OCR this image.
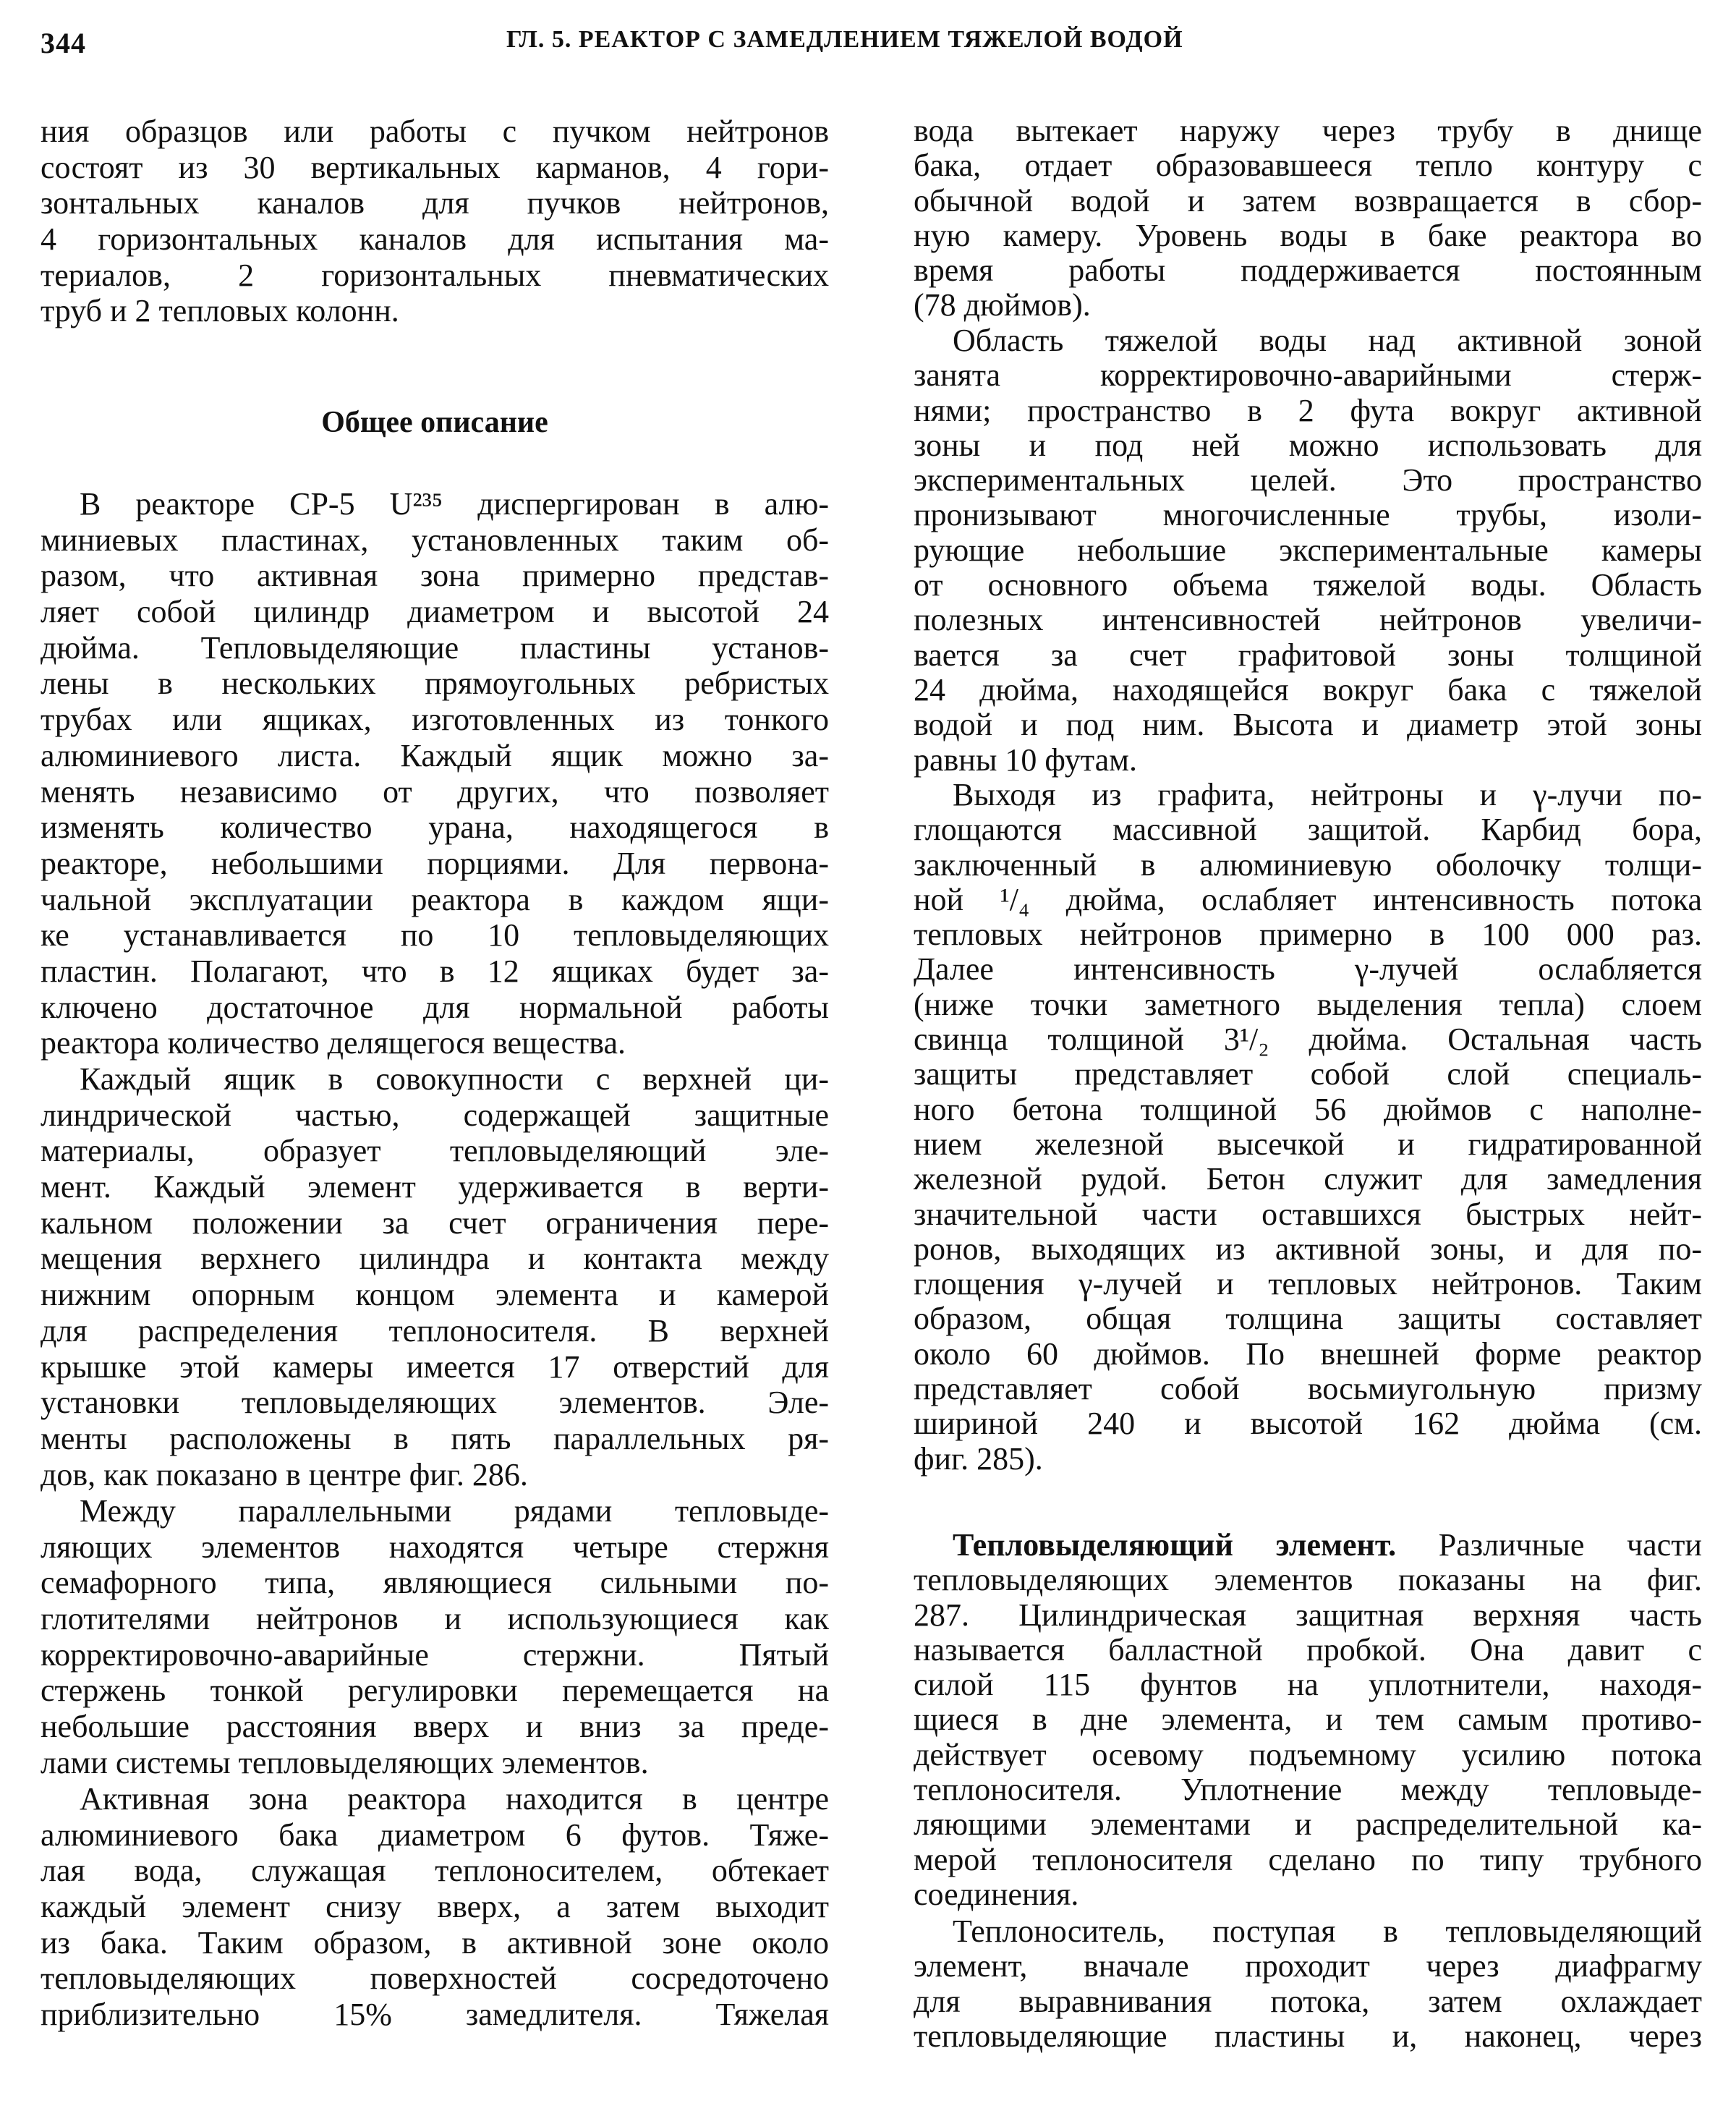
344	ГЛ. 5. РЕАКТОР С ЗАМЕДЛЕНИЕМ ТЯЖЕЛОЙ ВОДОЙ
ния образцов или работы с пучком нейтронов
состоят из 30 вертикальных карманов, 4 гори-
зонтальных каналов для пучков нейтронов,
4 горизонтальных каналов для испытания ма-
териалов, 2 горизонтальных пневматических
труб и 2 тепловых колонн.
Общее описание
В реакторе СР-5 U²³⁵ диспергирован в алю-
миниевых пластинах, установленных таким об-
разом, что активная зона примерно представ-
ляет собой цилиндр диаметром и высотой 24
дюйма. Тепловыделяющие пластины установ-
лены в нескольких прямоугольных ребристых
трубах или ящиках, изготовленных из тонкого
алюминиевого листа. Каждый ящик можно за-
менять независимо от других, что позволяет
изменять количество урана, находящегося в
реакторе, небольшими порциями. Для первона-
чальной эксплуатации реактора в каждом ящи-
ке устанавливается по 10 тепловыделяющих
пластин. Полагают, что в 12 ящиках будет за-
ключено достаточное для нормальной работы
реактора количество делящегося вещества.
Каждый ящик в совокупности с верхней ци-
линдрической частью, содержащей защитные
материалы, образует тепловыделяющий эле-
мент. Каждый элемент удерживается в верти-
кальном положении за счет ограничения пере-
мещения верхнего цилиндра и контакта между
нижним опорным концом элемента и камерой
для распределения теплоносителя. В верхней
крышке этой камеры имеется 17 отверстий для
установки тепловыделяющих элементов. Эле-
менты расположены в пять параллельных ря-
дов, как показано в центре фиг. 286.
Между параллельными рядами тепловыде-
ляющих элементов находятся четыре стержня
семафорного типа, являющиеся сильными по-
глотителями нейтронов и использующиеся как
корректировочно-аварийные стержни. Пятый
стержень тонкой регулировки перемещается на
небольшие расстояния вверх и вниз за преде-
лами системы тепловыделяющих элементов.
Активная зона реактора находится в центре
алюминиевого бака диаметром 6 футов. Тяже-
лая вода, служащая теплоносителем, обтекает
каждый элемент снизу вверх, а затем выходит
из бака. Таким образом, в активной зоне около
тепловыделяющих поверхностей сосредоточено
приблизительно 15% замедлителя. Тяжелая
вода вытекает наружу через трубу в днище
бака, отдает образовавшееся тепло контуру с
обычной водой и затем возвращается в сбор-
ную камеру. Уровень воды в баке реактора во
время работы поддерживается постоянным
(78 дюймов).
Область тяжелой воды над активной зоной
занята корректировочно-аварийными стерж-
нями; пространство в 2 фута вокруг активной
зоны и под ней можно использовать для
экспериментальных целей. Это пространство
пронизывают многочисленные трубы, изоли-
рующие небольшие экспериментальные камеры
от основного объема тяжелой воды. Область
полезных интенсивностей нейтронов увеличи-
вается за счет графитовой зоны толщиной
24 дюйма, находящейся вокруг бака с тяжелой
водой и под ним. Высота и диаметр этой зоны
равны 10 футам.
Выходя из графита, нейтроны и γ-лучи по-
глощаются массивной защитой. Карбид бора,
заключенный в алюминиевую оболочку толщи-
ной ¹/₄ дюйма, ослабляет интенсивность потока
тепловых нейтронов примерно в 100 000 раз.
Далее интенсивность γ-лучей ослабляется
(ниже точки заметного выделения тепла) слоем
свинца толщиной 3¹/₂ дюйма. Остальная часть
защиты представляет собой слой специаль-
ного бетона толщиной 56 дюймов с наполне-
нием железной высечкой и гидратированной
железной рудой. Бетон служит для замедления
значительной части оставшихся быстрых нейт-
ронов, выходящих из активной зоны, и для по-
глощения γ-лучей и тепловых нейтронов. Таким
образом, общая толщина защиты составляет
около 60 дюймов. По внешней форме реактор
представляет собой восьмиугольную призму
шириной 240 и высотой 162 дюйма (см.
фиг. 285).
Тепловыделяющий элемент. Различные части
тепловыделяющих элементов показаны на фиг.
287. Цилиндрическая защитная верхняя часть
называется балластной пробкой. Она давит с
силой 115 фунтов на уплотнители, находя-
щиеся в дне элемента, и тем самым противо-
действует осевому подъемному усилию потока
теплоносителя. Уплотнение между тепловыде-
ляющими элементами и распределительной ка-
мерой теплоносителя сделано по типу трубного
соединения.
Теплоноситель, поступая в тепловыделяющий
элемент, вначале проходит через диафрагму
для выравнивания потока, затем охлаждает
тепловыделяющие пластины и, наконец, через
